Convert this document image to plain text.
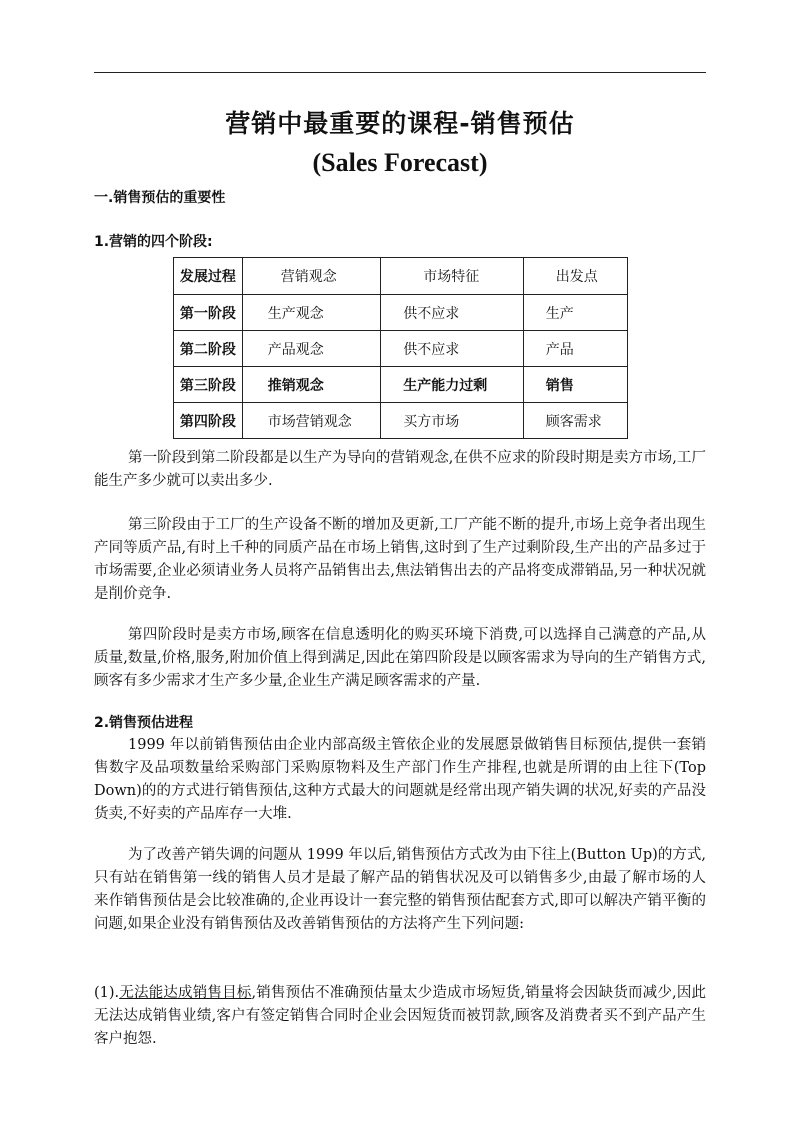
营销中最重要的课程-销售预估
(Sales Forecast)
一.销售预估的重要性
1.营销的四个阶段:
发展过程	营销观念	市场特征	出发点
第一阶段	生产观念	供不应求	生产
第二阶段	产品观念	供不应求	产品
第三阶段	推销观念	生产能力过剩	销售
第四阶段	市场营销观念	买方市场	顾客需求
第一阶段到第二阶段都是以生产为导向的营销观念,在供不应求的阶段时期是卖方市场,工厂能生产多少就可以卖出多少.
第三阶段由于工厂的生产设备不断的增加及更新,工厂产能不断的提升,市场上竞争者出现生产同等质产品,有时上千种的同质产品在市场上销售,这时到了生产过剩阶段,生产出的产品多过于市场需要,企业必须请业务人员将产品销售出去,焦法销售出去的产品将变成滞销品,另一种状况就是削价竞争.
第四阶段时是卖方市场,顾客在信息透明化的购买环境下消费,可以选择自己满意的产品,从质量,数量,价格,服务,附加价值上得到满足,因此在第四阶段是以顾客需求为导向的生产销售方式,顾客有多少需求才生产多少量,企业生产满足顾客需求的产量.
2.销售预估进程
1999 年以前销售预估由企业内部高级主管依企业的发展愿景做销售目标预估,提供一套销售数字及品项数量给采购部门采购原物料及生产部门作生产排程,也就是所谓的由上往下(Top Down)的的方式进行销售预估,这种方式最大的问题就是经常出现产销失调的状况,好卖的产品没货卖,不好卖的产品库存一大堆.
为了改善产销失调的问题从 1999 年以后,销售预估方式改为由下往上(Button Up)的方式,只有站在销售第一线的销售人员才是最了解产品的销售状况及可以销售多少,由最了解市场的人来作销售预估是会比较准确的,企业再设计一套完整的销售预估配套方式,即可以解决产销平衡的问题,如果企业没有销售预估及改善销售预估的方法将产生下列问题:
(1).无法能达成销售目标,销售预估不准确预估量太少造成市场短货,销量将会因缺货而减少,因此无法达成销售业绩,客户有签定销售合同时企业会因短货而被罚款,顾客及消费者买不到产品产生客户抱怨.
